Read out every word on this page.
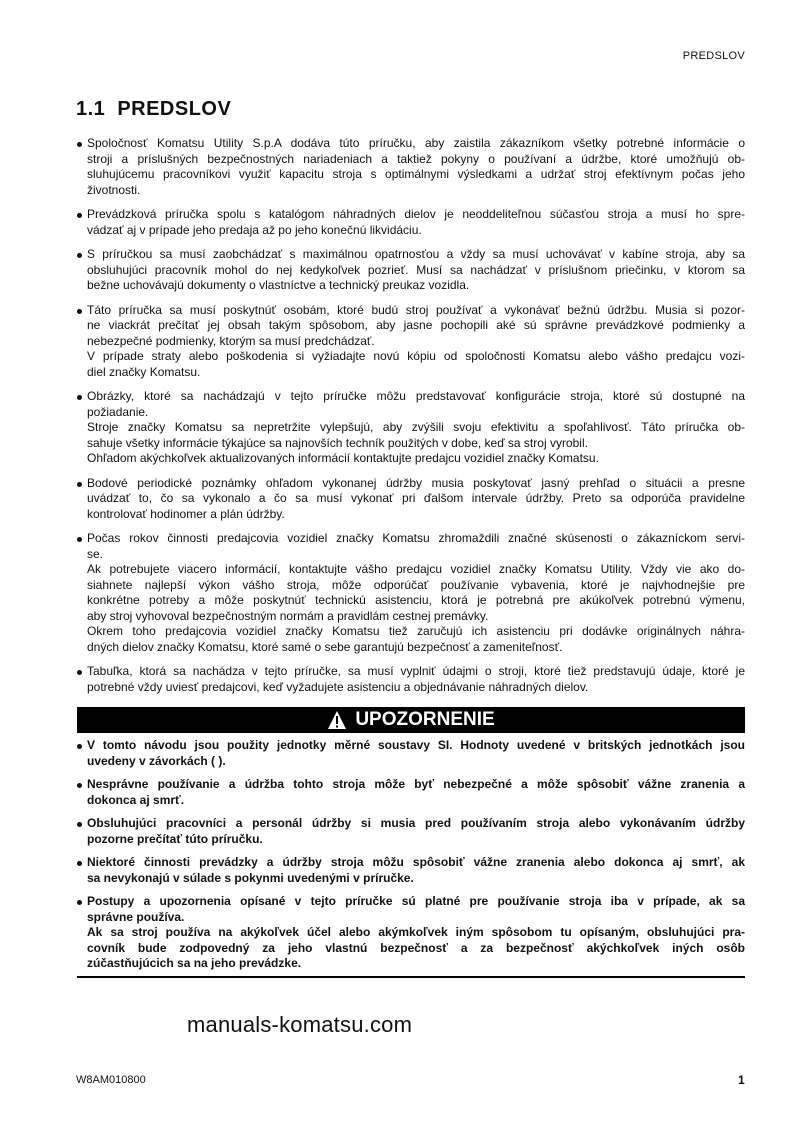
PREDSLOV
1.1 PREDSLOV
Spoločnosť Komatsu Utility S.p.A dodáva túto príručku, aby zaistila zákazníkom všetky potrebné informácie o
stroji a príslušných bezpečnostných nariadeniach a taktiež pokyny o používaní a údržbe, ktoré umožňujú ob-
sluhujúcemu pracovníkovi využiť kapacitu stroja s optimálnymi výsledkami a udržať stroj efektívnym počas jeho
životnosti.
Prevádzková príručka spolu s katalógom náhradných dielov je neoddeliteľnou súčasťou stroja a musí ho spre-
vádzať aj v prípade jeho predaja až po jeho konečnú likvidáciu.
S príručkou sa musí zaobchádzať s maximálnou opatrnosťou a vždy sa musí uchovávať v kabíne stroja, aby sa
obsluhujúci pracovník mohol do nej kedykoľvek pozrieť. Musí sa nachádzať v príslušnom priečinku, v ktorom sa
bežne uchovávajú dokumenty o vlastníctve a technický preukaz vozidla.
Táto príručka sa musí poskytnúť osobám, ktoré budú stroj používať a vykonávať bežnú údržbu. Musia si pozor-
ne viackrát prečítať jej obsah takým spôsobom, aby jasne pochopili aké sú správne prevádzkové podmienky a
nebezpečné podmienky, ktorým sa musí predchádzať.
V prípade straty alebo poškodenia si vyžiadajte novú kópiu od spoločnosti Komatsu alebo vášho predajcu vozi-
diel značky Komatsu.
Obrázky, ktoré sa nachádzajú v tejto príručke môžu predstavovať konfigurácie stroja, ktoré sú dostupné na
požiadanie.
Stroje značky Komatsu sa nepretržite vylepšujú, aby zvýšili svoju efektivitu a spoľahlivosť. Táto príručka ob-
sahuje všetky informácie týkajúce sa najnovších techník použitých v dobe, keď sa stroj vyrobil.
Ohľadom akýchkoľvek aktualizovaných informácií kontaktujte predajcu vozidiel značky Komatsu.
Bodové periodické poznámky ohľadom vykonanej údržby musia poskytovať jasný prehľad o situácii a presne
uvádzať to, čo sa vykonalo a čo sa musí vykonať pri ďalšom intervale údržby. Preto sa odporúča pravidelne
kontrolovať hodinomer a plán údržby.
Počas rokov činnosti predajcovia vozidiel značky Komatsu zhromaždili značné skúsenosti o zákazníckom servi-
se.
Ak potrebujete viacero informácií, kontaktujte vášho predajcu vozidiel značky Komatsu Utility. Vždy vie ako do-
siahnete najlepší výkon vášho stroja, môže odporúčať používanie vybavenia, ktoré je najvhodnejšie pre
konkrétne potreby a môže poskytnúť technickú asistenciu, ktorá je potrebná pre akúkoľvek potrebnú výmenu,
aby stroj vyhovoval bezpečnostným normám a pravidlám cestnej premávky.
Okrem toho predajcovia vozidiel značky Komatsu tiež zaručujú ich asistenciu pri dodávke originálnych náhra-
dných dielov značky Komatsu, ktoré samé o sebe garantujú bezpečnosť a zameniteľnosť.
Tabuľka, ktorá sa nachádza v tejto príručke, sa musí vyplniť údajmi o stroji, ktoré tiež predstavujú údaje, ktoré je
potrebné vždy uviesť predajcovi, keď vyžadujete asistenciu a objednávanie náhradných dielov.
UPOZORNENIE
V tomto návodu jsou použity jednotky měrné soustavy SI. Hodnoty uvedené v britských jednotkách jsou
uvedeny v závorkách ( ).
Nesprávne používanie a údržba tohto stroja môže byť nebezpečné a môže spôsobiť vážne zranenia a
dokonca aj smrť.
Obsluhujúci pracovníci a personál údržby si musia pred používaním stroja alebo vykonávaním údržby
pozorne prečítať túto príručku.
Niektoré činnosti prevádzky a údržby stroja môžu spôsobiť vážne zranenia alebo dokonca aj smrť, ak
sa nevykonajú v súlade s pokynmi uvedenými v príručke.
Postupy a upozornenia opísané v tejto príručke sú platné pre používanie stroja iba v prípade, ak sa
správne používa.
Ak sa stroj používa na akýkoľvek účel alebo akýmkoľvek iným spôsobom tu opísaným, obsluhujúci pra-
covník bude zodpovedný za jeho vlastnú bezpečnosť a za bezpečnosť akýchkoľvek iných osôb
zúčastňujúcich sa na jeho prevádzke.
manuals-komatsu.com
W8AM010800	1
